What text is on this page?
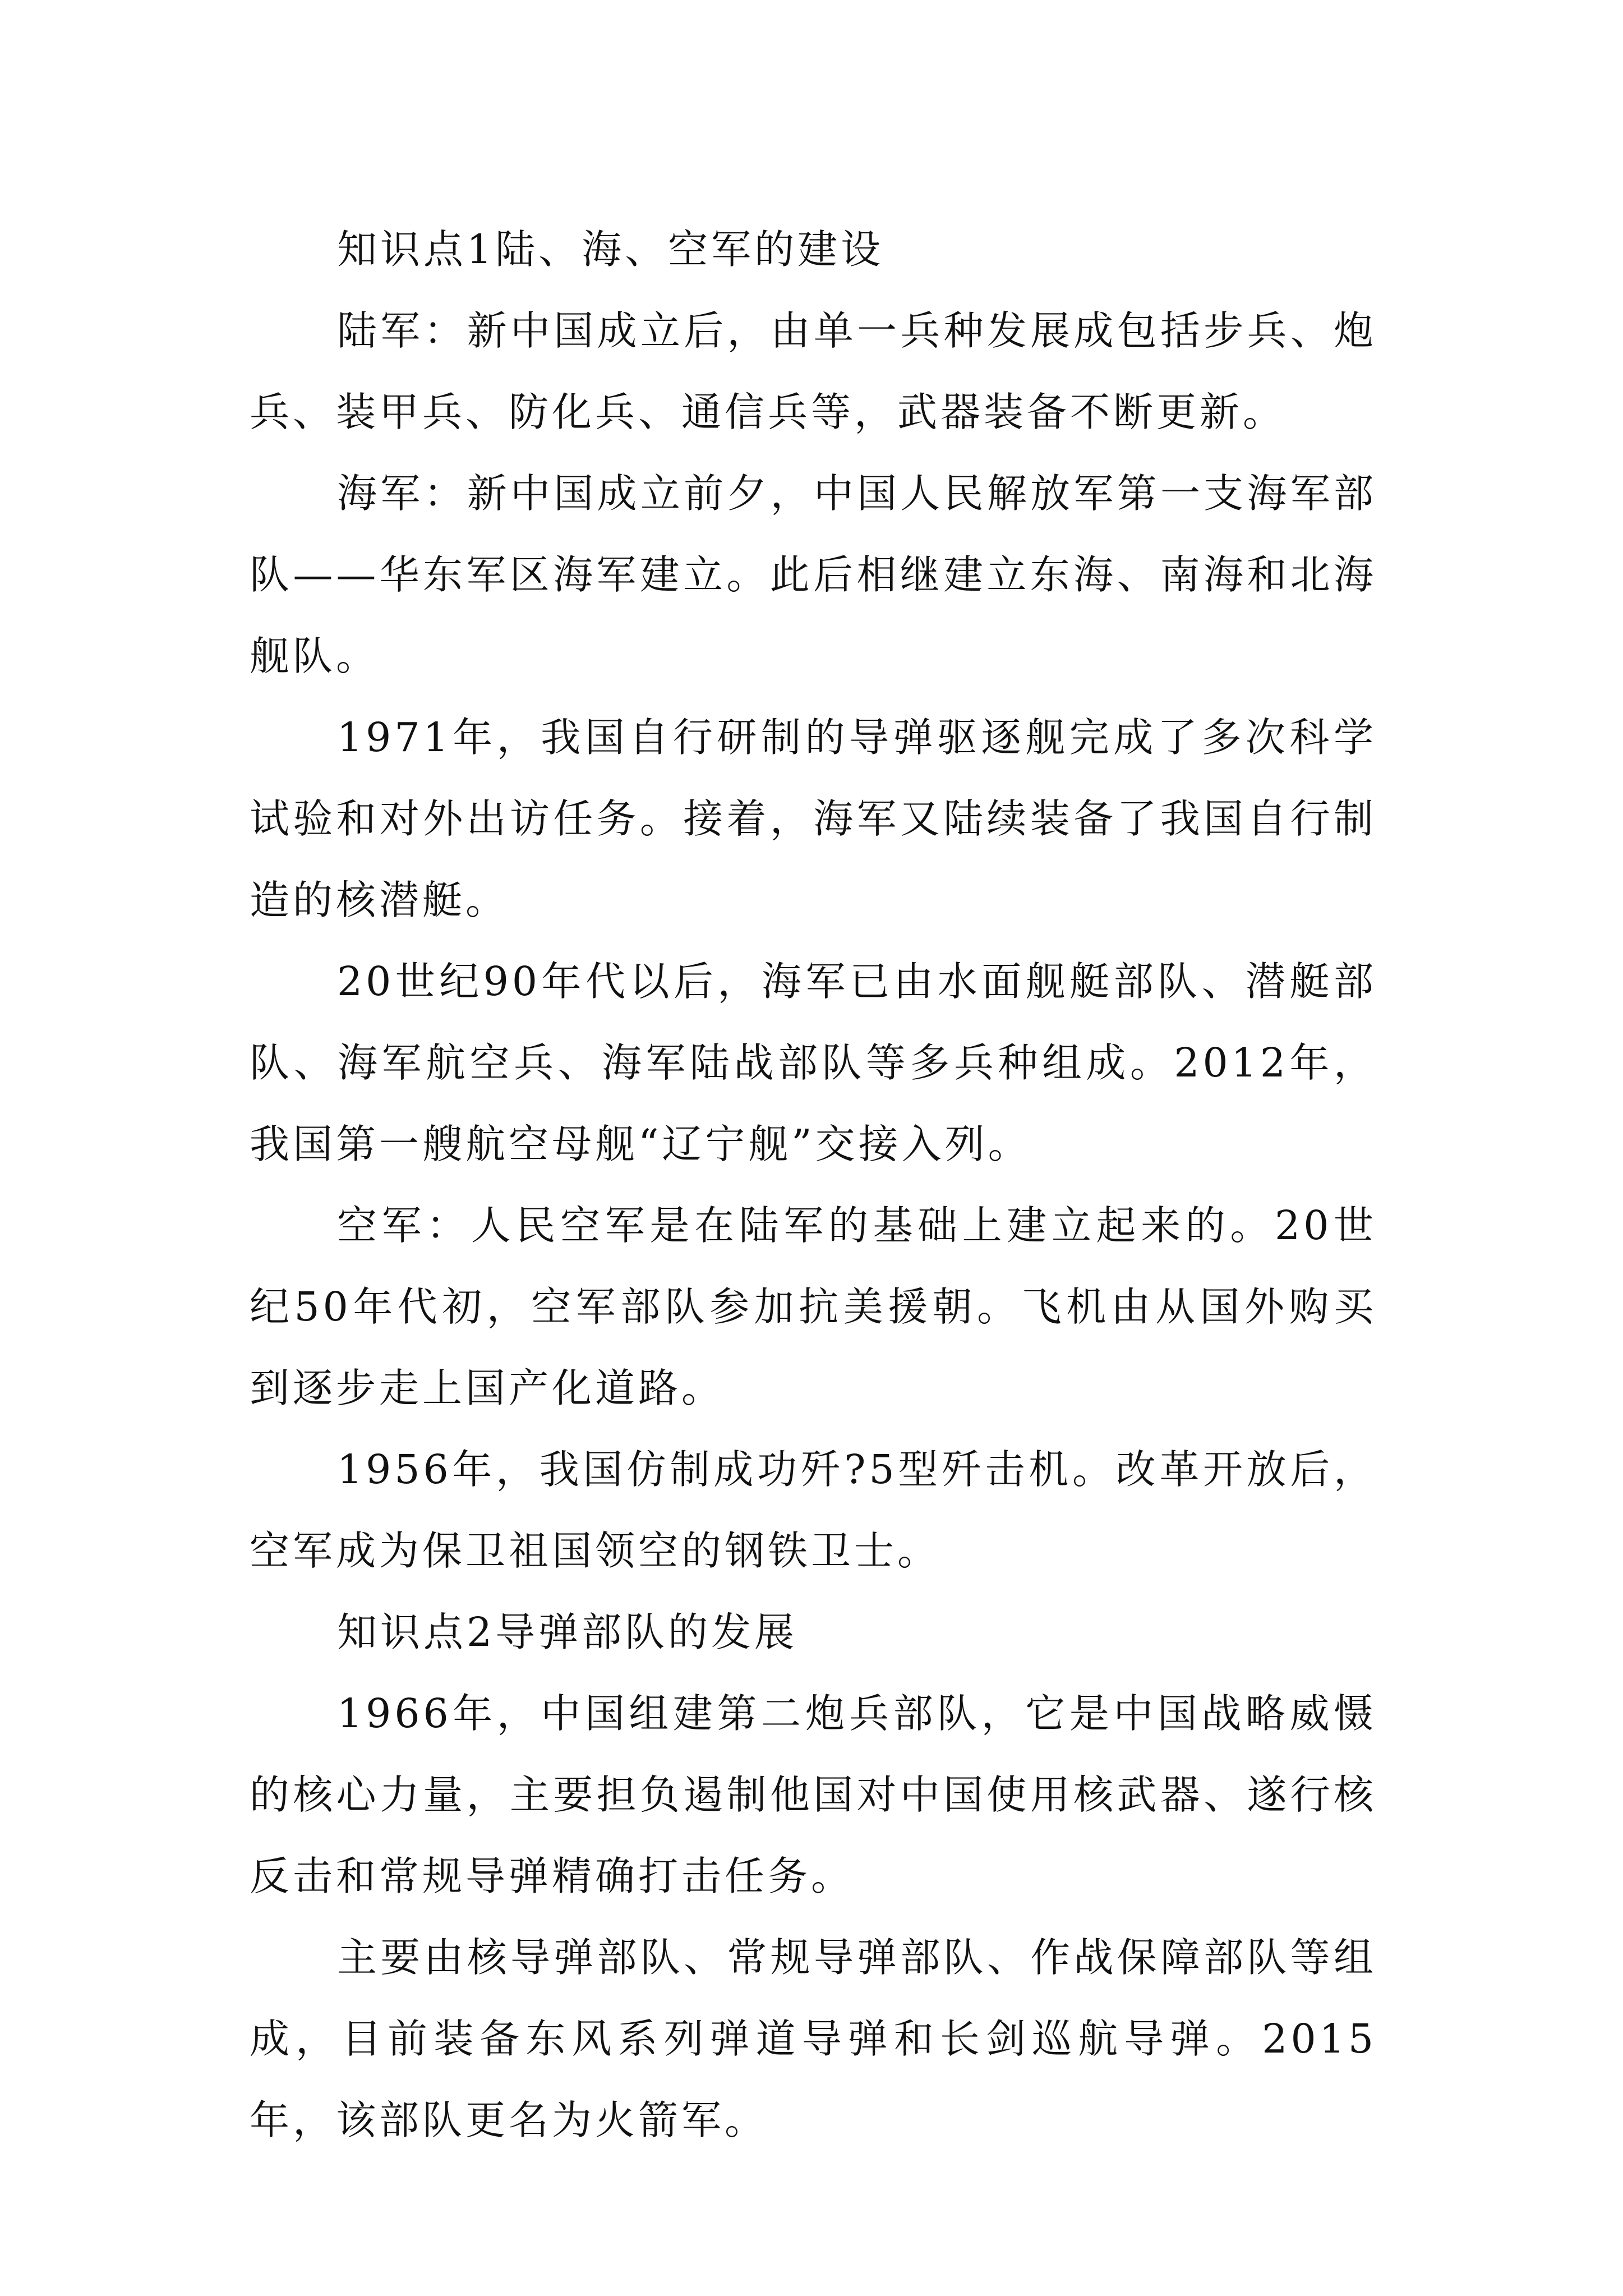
知识点1陆、海、空军的建设

陆军：新中国成立后，由单一兵种发展成包括步兵、炮兵、装甲兵、防化兵、通信兵等，武器装备不断更新。

海军：新中国成立前夕，中国人民解放军第一支海军部队——华东军区海军建立。此后相继建立东海、南海和北海舰队。

1971年，我国自行研制的导弹驱逐舰完成了多次科学试验和对外出访任务。接着，海军又陆续装备了我国自行制造的核潜艇。

20世纪90年代以后，海军已由水面舰艇部队、潜艇部队、海军航空兵、海军陆战部队等多兵种组成。2012年，我国第一艘航空母舰“辽宁舰”交接入列。

空军：人民空军是在陆军的基础上建立起来的。20世纪50年代初，空军部队参加抗美援朝。飞机由从国外购买到逐步走上国产化道路。

1956年，我国仿制成功歼?5型歼击机。改革开放后，空军成为保卫祖国领空的钢铁卫士。

知识点2导弹部队的发展

1966年，中国组建第二炮兵部队，它是中国战略威慑的核心力量，主要担负遏制他国对中国使用核武器、遂行核反击和常规导弹精确打击任务。

主要由核导弹部队、常规导弹部队、作战保障部队等组成，目前装备东风系列弹道导弹和长剑巡航导弹。2015年，该部队更名为火箭军。
